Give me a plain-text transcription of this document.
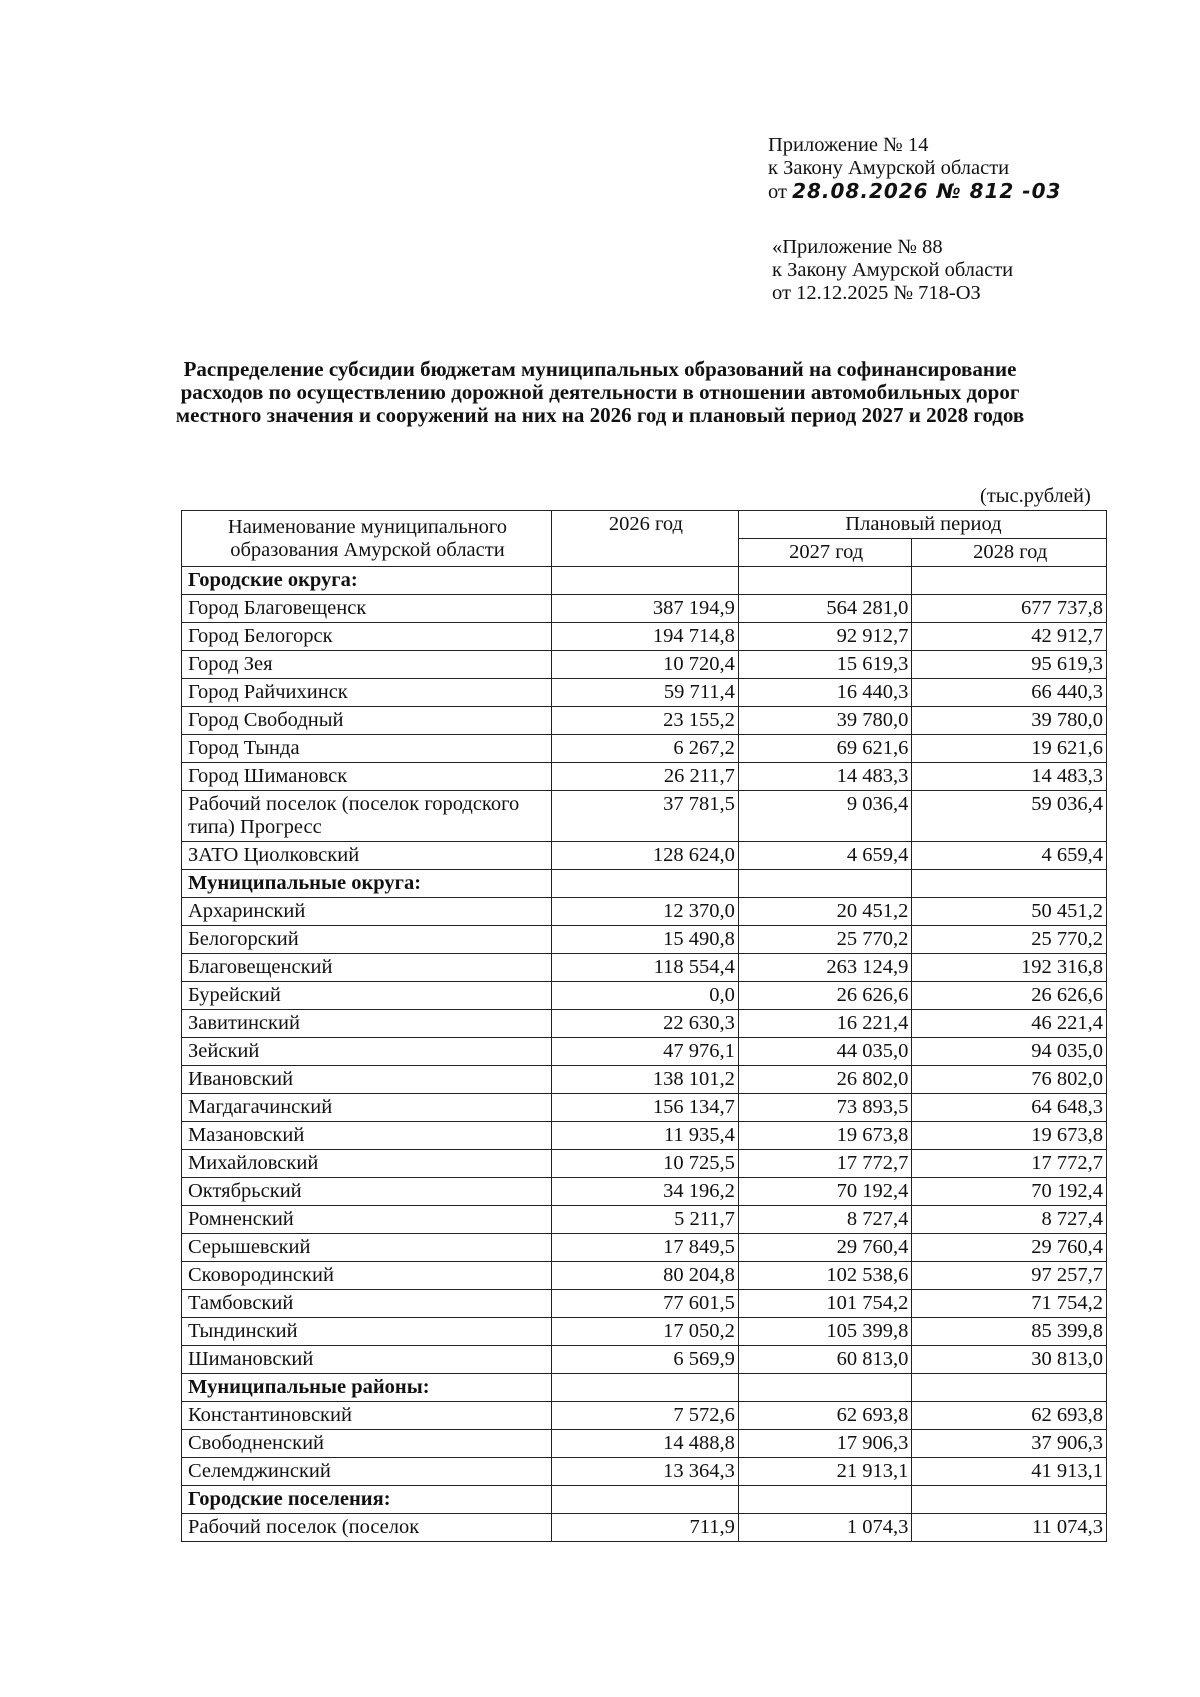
Приложение № 14
к Закону Амурской области
от 28.08.2026 № 812 -03
«Приложение № 88
к Закону Амурской области
от 12.12.2025 № 718-ОЗ
Распределение субсидии бюджетам муниципальных образований на софинансирование расходов по осуществлению дорожной деятельности в отношении автомобильных дорог местного значения и сооружений на них на 2026 год и плановый период 2027 и 2028 годов
(тыс.рублей)
Наименование муниципального образования Амурской области	2026 год	Плановый период	
		2027 год	2028 год
Городские округа:			
Город Благовещенск	387 194,9	564 281,0	677 737,8
Город Белогорск	194 714,8	92 912,7	42 912,7
Город Зея	10 720,4	15 619,3	95 619,3
Город Райчихинск	59 711,4	16 440,3	66 440,3
Город Свободный	23 155,2	39 780,0	39 780,0
Город Тында	6 267,2	69 621,6	19 621,6
Город Шимановск	26 211,7	14 483,3	14 483,3
Рабочий поселок (поселок городского типа) Прогресс	37 781,5	9 036,4	59 036,4
ЗАТО Циолковский	128 624,0	4 659,4	4 659,4
Муниципальные округа:			
Архаринский	12 370,0	20 451,2	50 451,2
Белогорский	15 490,8	25 770,2	25 770,2
Благовещенский	118 554,4	263 124,9	192 316,8
Бурейский	0,0	26 626,6	26 626,6
Завитинский	22 630,3	16 221,4	46 221,4
Зейский	47 976,1	44 035,0	94 035,0
Ивановский	138 101,2	26 802,0	76 802,0
Магдагачинский	156 134,7	73 893,5	64 648,3
Мазановский	11 935,4	19 673,8	19 673,8
Михайловский	10 725,5	17 772,7	17 772,7
Октябрьский	34 196,2	70 192,4	70 192,4
Ромненский	5 211,7	8 727,4	8 727,4
Серышевский	17 849,5	29 760,4	29 760,4
Сковородинский	80 204,8	102 538,6	97 257,7
Тамбовский	77 601,5	101 754,2	71 754,2
Тындинский	17 050,2	105 399,8	85 399,8
Шимановский	6 569,9	60 813,0	30 813,0
Муниципальные районы:			
Константиновский	7 572,6	62 693,8	62 693,8
Свободненский	14 488,8	17 906,3	37 906,3
Селемджинский	13 364,3	21 913,1	41 913,1
Городские поселения:			
Рабочий поселок (поселок	711,9	1 074,3	11 074,3
